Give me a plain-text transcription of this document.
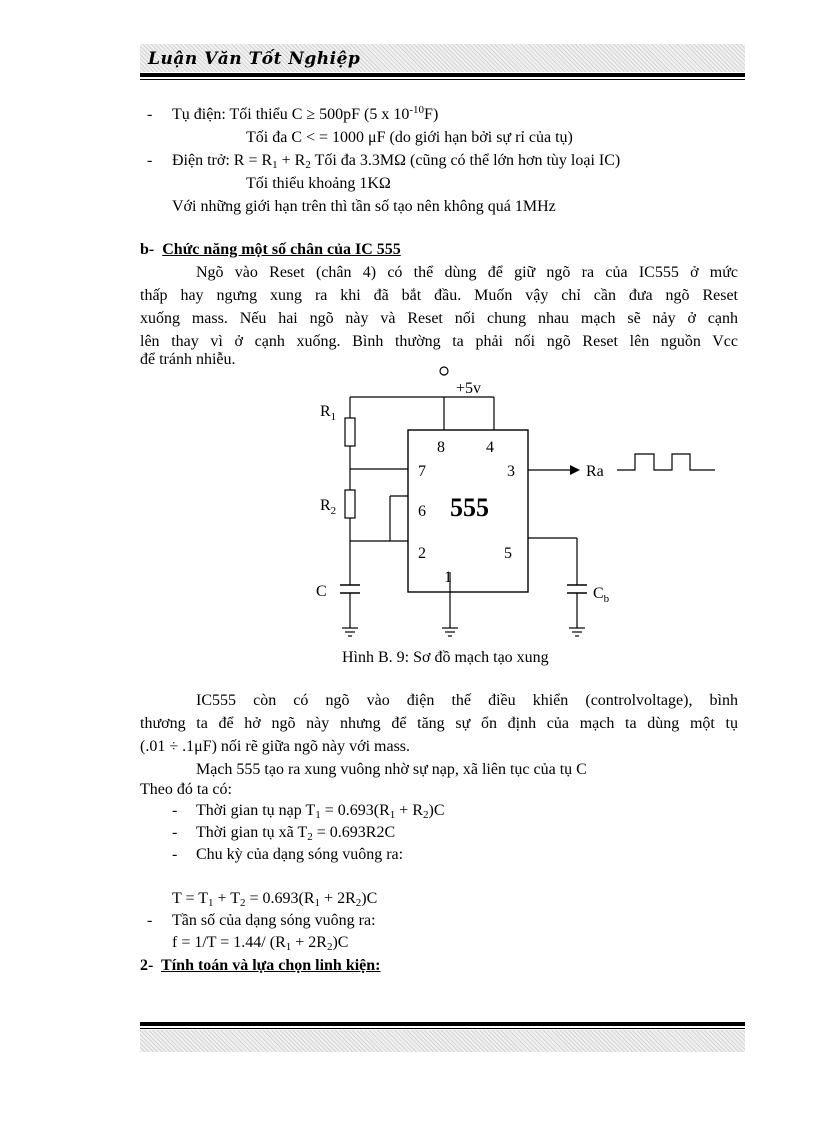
Luận Văn Tốt Nghiệp
- Tụ điện: Tối thiểu C ≥ 500pF (5 x $10^{-10}F$)
Tối đa C < = 1000 μF (do giới hạn bởi sự rỉ của tụ)
- Điện trở: $R = R_1 + R_2$ Tối đa 3.3MΩ (cũng có thể lớn hơn tùy loại IC)
Tối thiểu khoảng 1KΩ
Với những giới hạn trên thì tần số tạo nên không quá 1MHz
b- Chức năng một số chân của IC 555
Ngõ vào Reset (chân 4) có thể dùng để giữ ngõ ra của IC555 ở mức
thấp hay ngưng xung ra khi đã bắt đầu. Muốn vậy chỉ cần đưa ngõ Reset
xuống mass. Nếu hai ngõ này và Reset nối chung nhau mạch sẽ nảy ở cạnh
lên thay vì ở cạnh xuống. Bình thường ta phải nối ngõ Reset lên nguồn Vcc
để tránh nhiễu.
+5v
$R_1$
$R_2$
C	$C_b$
8	4
7	3
6
2	5
1
555
Ra
Hình B. 9: Sơ đồ mạch tạo xung
IC555 còn có ngõ vào điện thế điều khiển (controlvoltage), bình
thương ta để hở ngõ này nhưng để tăng sự ổn định của mạch ta dùng một tụ
(.01 ÷ .1μF) nối rẽ giữa ngõ này với mass.
Mạch 555 tạo ra xung vuông nhờ sự nạp, xã liên tục của tụ C
Theo đó ta có:
- Thời gian tụ nạp $T_1 = 0.693(R_1 + R_2)C$
- Thời gian tụ xã $T_2 = 0.693R2C$
- Chu kỳ của dạng sóng vuông ra:
$T = T_1 + T_2 = 0.693(R_1 + 2R_2)C$
- Tần số của dạng sóng vuông ra:
f = 1/T = 1.44/ $(R_1 + 2R_2)C$
2- Tính toán và lựa chọn linh kiện:
